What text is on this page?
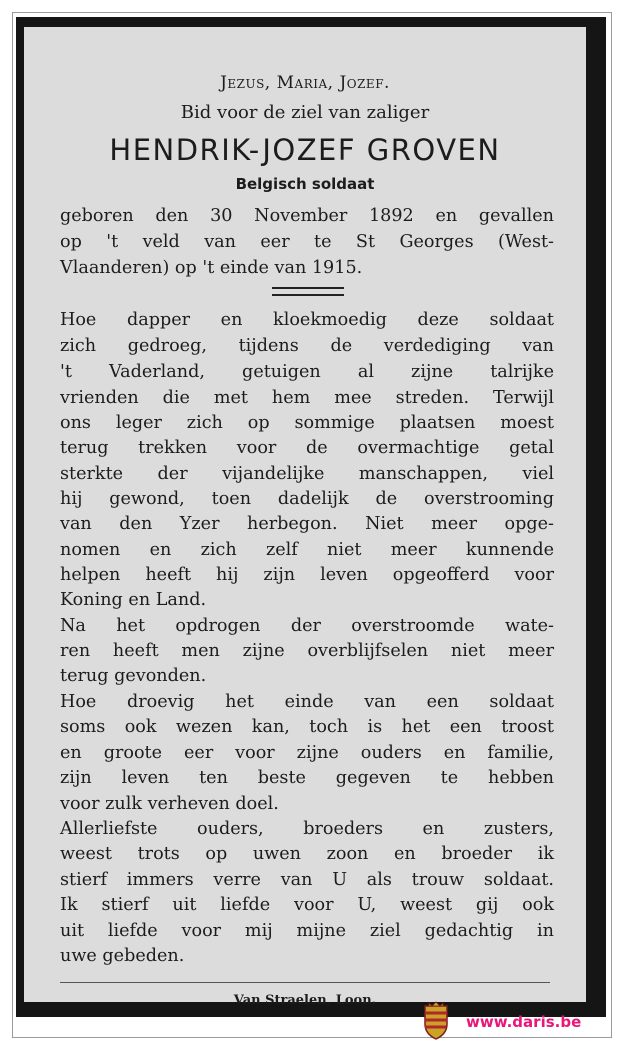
Jezus, Maria, Jozef.
Bid voor de ziel van zaliger
HENDRIK-JOZEF GROVEN
Belgisch soldaat
geboren den 30 November 1892 en gevallen
op 't veld van eer te St Georges (West-
Vlaanderen) op 't einde van 1915.
Hoe dapper en kloekmoedig deze soldaat
zich gedroeg, tijdens de verdediging van
't Vaderland, getuigen al zijne talrijke
vrienden die met hem mee streden. Terwijl
ons leger zich op sommige plaatsen moest
terug trekken voor de overmachtige getal
sterkte der vijandelijke manschappen, viel
hij gewond, toen dadelijk de overstrooming
van den Yzer herbegon. Niet meer opge-
nomen en zich zelf niet meer kunnende
helpen heeft hij zijn leven opgeofferd voor
Koning en Land.
Na het opdrogen der overstroomde wate-
ren heeft men zijne overblijfselen niet meer
terug gevonden.
Hoe droevig het einde van een soldaat
soms ook wezen kan, toch is het een troost
en groote eer voor zijne ouders en familie,
zijn leven ten beste gegeven te hebben
voor zulk verheven doel.
Allerliefste ouders, broeders en zusters,
weest trots op uwen zoon en broeder ik
stierf immers verre van U als trouw soldaat.
Ik stierf uit liefde voor U, weest gij ook
uit liefde voor mij mijne ziel gedachtig in
uwe gebeden.
Van Straelen, Loon.
www.daris.be
